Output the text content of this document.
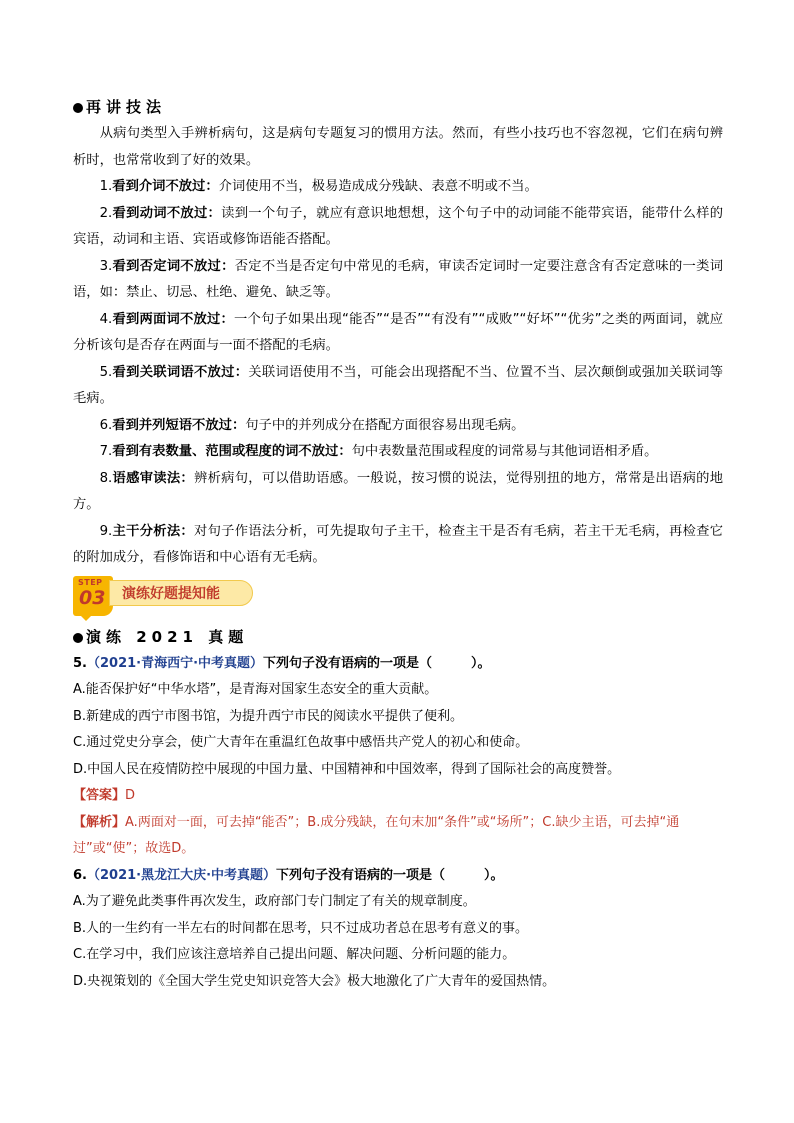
再讲技法

从病句类型入手辨析病句，这是病句专题复习的惯用方法。然而，有些小技巧也不容忽视，它们在病句辨析时，也常常收到了好的效果。

1.看到介词不放过：介词使用不当，极易造成成分残缺、表意不明或不当。

2.看到动词不放过：读到一个句子，就应有意识地想想，这个句子中的动词能不能带宾语，能带什么样的宾语，动词和主语、宾语或修饰语能否搭配。

3.看到否定词不放过：否定不当是否定句中常见的毛病，审读否定词时一定要注意含有否定意味的一类词语，如：禁止、切忌、杜绝、避免、缺乏等。

4.看到两面词不放过：一个句子如果出现“能否”“是否”“有没有”“成败”“好坏”“优劣”之类的两面词，就应分析该句是否存在两面与一面不搭配的毛病。

5.看到关联词语不放过：关联词语使用不当，可能会出现搭配不当、位置不当、层次颠倒或强加关联词等毛病。

6.看到并列短语不放过：句子中的并列成分在搭配方面很容易出现毛病。

7.看到有表数量、范围或程度的词不放过：句中表数量范围或程度的词常易与其他词语相矛盾。

8.语感审读法：辨析病句，可以借助语感。一般说，按习惯的说法，觉得别扭的地方，常常是出语病的地方。

9.主干分析法：对句子作语法分析，可先提取句子主干，检查主干是否有毛病，若主干无毛病，再检查它的附加成分，看修饰语和中心语有无毛病。

STEP
03	演练好题提知能
演练 2021 真题

5.（2021·青海西宁·中考真题）下列句子没有语病的一项是（　　　）。

A.能否保护好“中华水塔”，是青海对国家生态安全的重大贡献。

B.新建成的西宁市图书馆，为提升西宁市民的阅读水平提供了便利。

C.通过党史分享会，使广大青年在重温红色故事中感悟共产党人的初心和使命。

D.中国人民在疫情防控中展现的中国力量、中国精神和中国效率，得到了国际社会的高度赞誉。

【答案】D

【解析】A.两面对一面，可去掉“能否”；B.成分残缺，在句末加“条件”或“场所”；C.缺少主语，可去掉“通过”或“使”；故选D。

6.（2021·黑龙江大庆·中考真题）下列句子没有语病的一项是（　　　）。

A.为了避免此类事件再次发生，政府部门专门制定了有关的规章制度。

B.人的一生约有一半左右的时间都在思考，只不过成功者总在思考有意义的事。

C.在学习中，我们应该注意培养自己提出问题、解决问题、分析问题的能力。

D.央视策划的《全国大学生党史知识竞答大会》极大地激化了广大青年的爱国热情。
